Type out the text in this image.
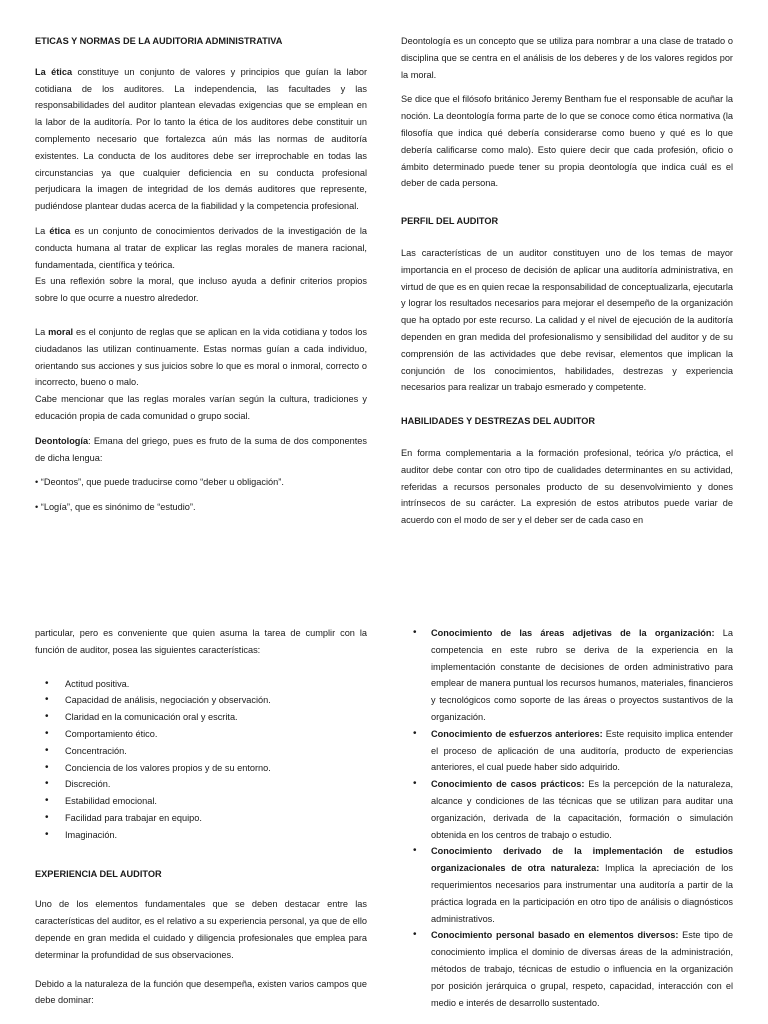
ETICAS Y NORMAS DE LA AUDITORIA ADMINISTRATIVA

La ética constituye un conjunto de valores y principios que guían la labor cotidiana de los auditores. La independencia, las facultades y las responsabilidades del auditor plantean elevadas exigencias que se emplean en la labor de la auditoría. Por lo tanto la ética de los auditores debe constituir un complemento necesario que fortalezca aún más las normas de auditoría existentes. La conducta de los auditores debe ser irreprochable en todas las circunstancias ya que cualquier deficiencia en su conducta profesional perjudicara la imagen de integridad de los demás auditores que represente, pudiéndose plantear dudas acerca de la fiabilidad y la competencia profesional.

La ética es un conjunto de conocimientos derivados de la investigación de la conducta humana al tratar de explicar las reglas morales de manera racional, fundamentada, científica y teórica.
Es una reflexión sobre la moral, que incluso ayuda a definir criterios propios sobre lo que ocurre a nuestro alrededor.

La moral es el conjunto de reglas que se aplican en la vida cotidiana y todos los ciudadanos las utilizan continuamente. Estas normas guían a cada individuo, orientando sus acciones y sus juicios sobre lo que es moral o inmoral, correcto o incorrecto, bueno o malo.
Cabe mencionar que las reglas morales varían según la cultura, tradiciones y educación propia de cada comunidad o grupo social.

Deontología: Emana del griego, pues es fruto de la suma de dos componentes de dicha lengua:

• “Deontos”, que puede traducirse como “deber u obligación”.

• “Logía”, que es sinónimo de “estudio”.

Deontología es un concepto que se utiliza para nombrar a una clase de tratado o disciplina que se centra en el análisis de los deberes y de los valores regidos por la moral.

Se dice que el filósofo británico Jeremy Bentham fue el responsable de acuñar la noción. La deontología forma parte de lo que se conoce como ética normativa (la filosofía que indica qué debería considerarse como bueno y qué es lo que debería calificarse como malo). Esto quiere decir que cada profesión, oficio o ámbito determinado puede tener su propia deontología que indica cuál es el deber de cada persona.

PERFIL DEL AUDITOR

Las características de un auditor constituyen uno de los temas de mayor importancia en el proceso de decisión de aplicar una auditoría administrativa, en virtud de que es en quien recae la responsabilidad de conceptualizarla, ejecutarla y lograr los resultados necesarios para mejorar el desempeño de la organización que ha optado por este recurso. La calidad y el nivel de ejecución de la auditoría dependen en gran medida del profesionalismo y sensibilidad del auditor y de su comprensión de las actividades que debe revisar, elementos que implican la conjunción de los conocimientos, habilidades, destrezas y experiencia necesarios para realizar un trabajo esmerado y competente.

HABILIDADES Y DESTREZAS DEL AUDITOR

En forma complementaria a la formación profesional, teórica y/o práctica, el auditor debe contar con otro tipo de cualidades determinantes en su actividad, referidas a recursos personales producto de su desenvolvimiento y dones intrínsecos de su carácter. La expresión de estos atributos puede variar de acuerdo con el modo de ser y el deber ser de cada caso en

particular, pero es conveniente que quien asuma la tarea de cumplir con la función de auditor, posea las siguientes características:

• Actitud positiva.
• Capacidad de análisis, negociación y observación.
• Claridad en la comunicación oral y escrita.
• Comportamiento ético.
• Concentración.
• Conciencia de los valores propios y de su entorno.
• Discreción.
• Estabilidad emocional.
• Facilidad para trabajar en equipo.
• Imaginación.
EXPERIENCIA DEL AUDITOR

Uno de los elementos fundamentales que se deben destacar entre las características del auditor, es el relativo a su experiencia personal, ya que de ello depende en gran medida el cuidado y diligencia profesionales que emplea para determinar la profundidad de sus observaciones.

Debido a la naturaleza de la función que desempeña, existen varios campos que debe dominar:

• Conocimiento de las áreas adjetivas de la organización: La competencia en este rubro se deriva de la experiencia en la implementación constante de decisiones de orden administrativo para emplear de manera puntual los recursos humanos, materiales, financieros y tecnológicos como soporte de las áreas o proyectos sustantivos de la organización.
• Conocimiento de esfuerzos anteriores: Este requisito implica entender el proceso de aplicación de una auditoría, producto de experiencias anteriores, el cual puede haber sido adquirido.
• Conocimiento de casos prácticos: Es la percepción de la naturaleza, alcance y condiciones de las técnicas que se utilizan para auditar una organización, derivada de la capacitación, formación o simulación obtenida en los centros de trabajo o estudio.
• Conocimiento derivado de la implementación de estudios organizacionales de otra naturaleza: Implica la apreciación de los requerimientos necesarios para instrumentar una auditoría a partir de la práctica lograda en la participación en otro tipo de análisis o diagnósticos administrativos.
• Conocimiento personal basado en elementos diversos: Este tipo de conocimiento implica el dominio de diversas áreas de la administración, métodos de trabajo, técnicas de estudio o influencia en la organización por posición jerárquica o grupal, respeto, capacidad, interacción con el medio e interés de desarrollo sustentado.
